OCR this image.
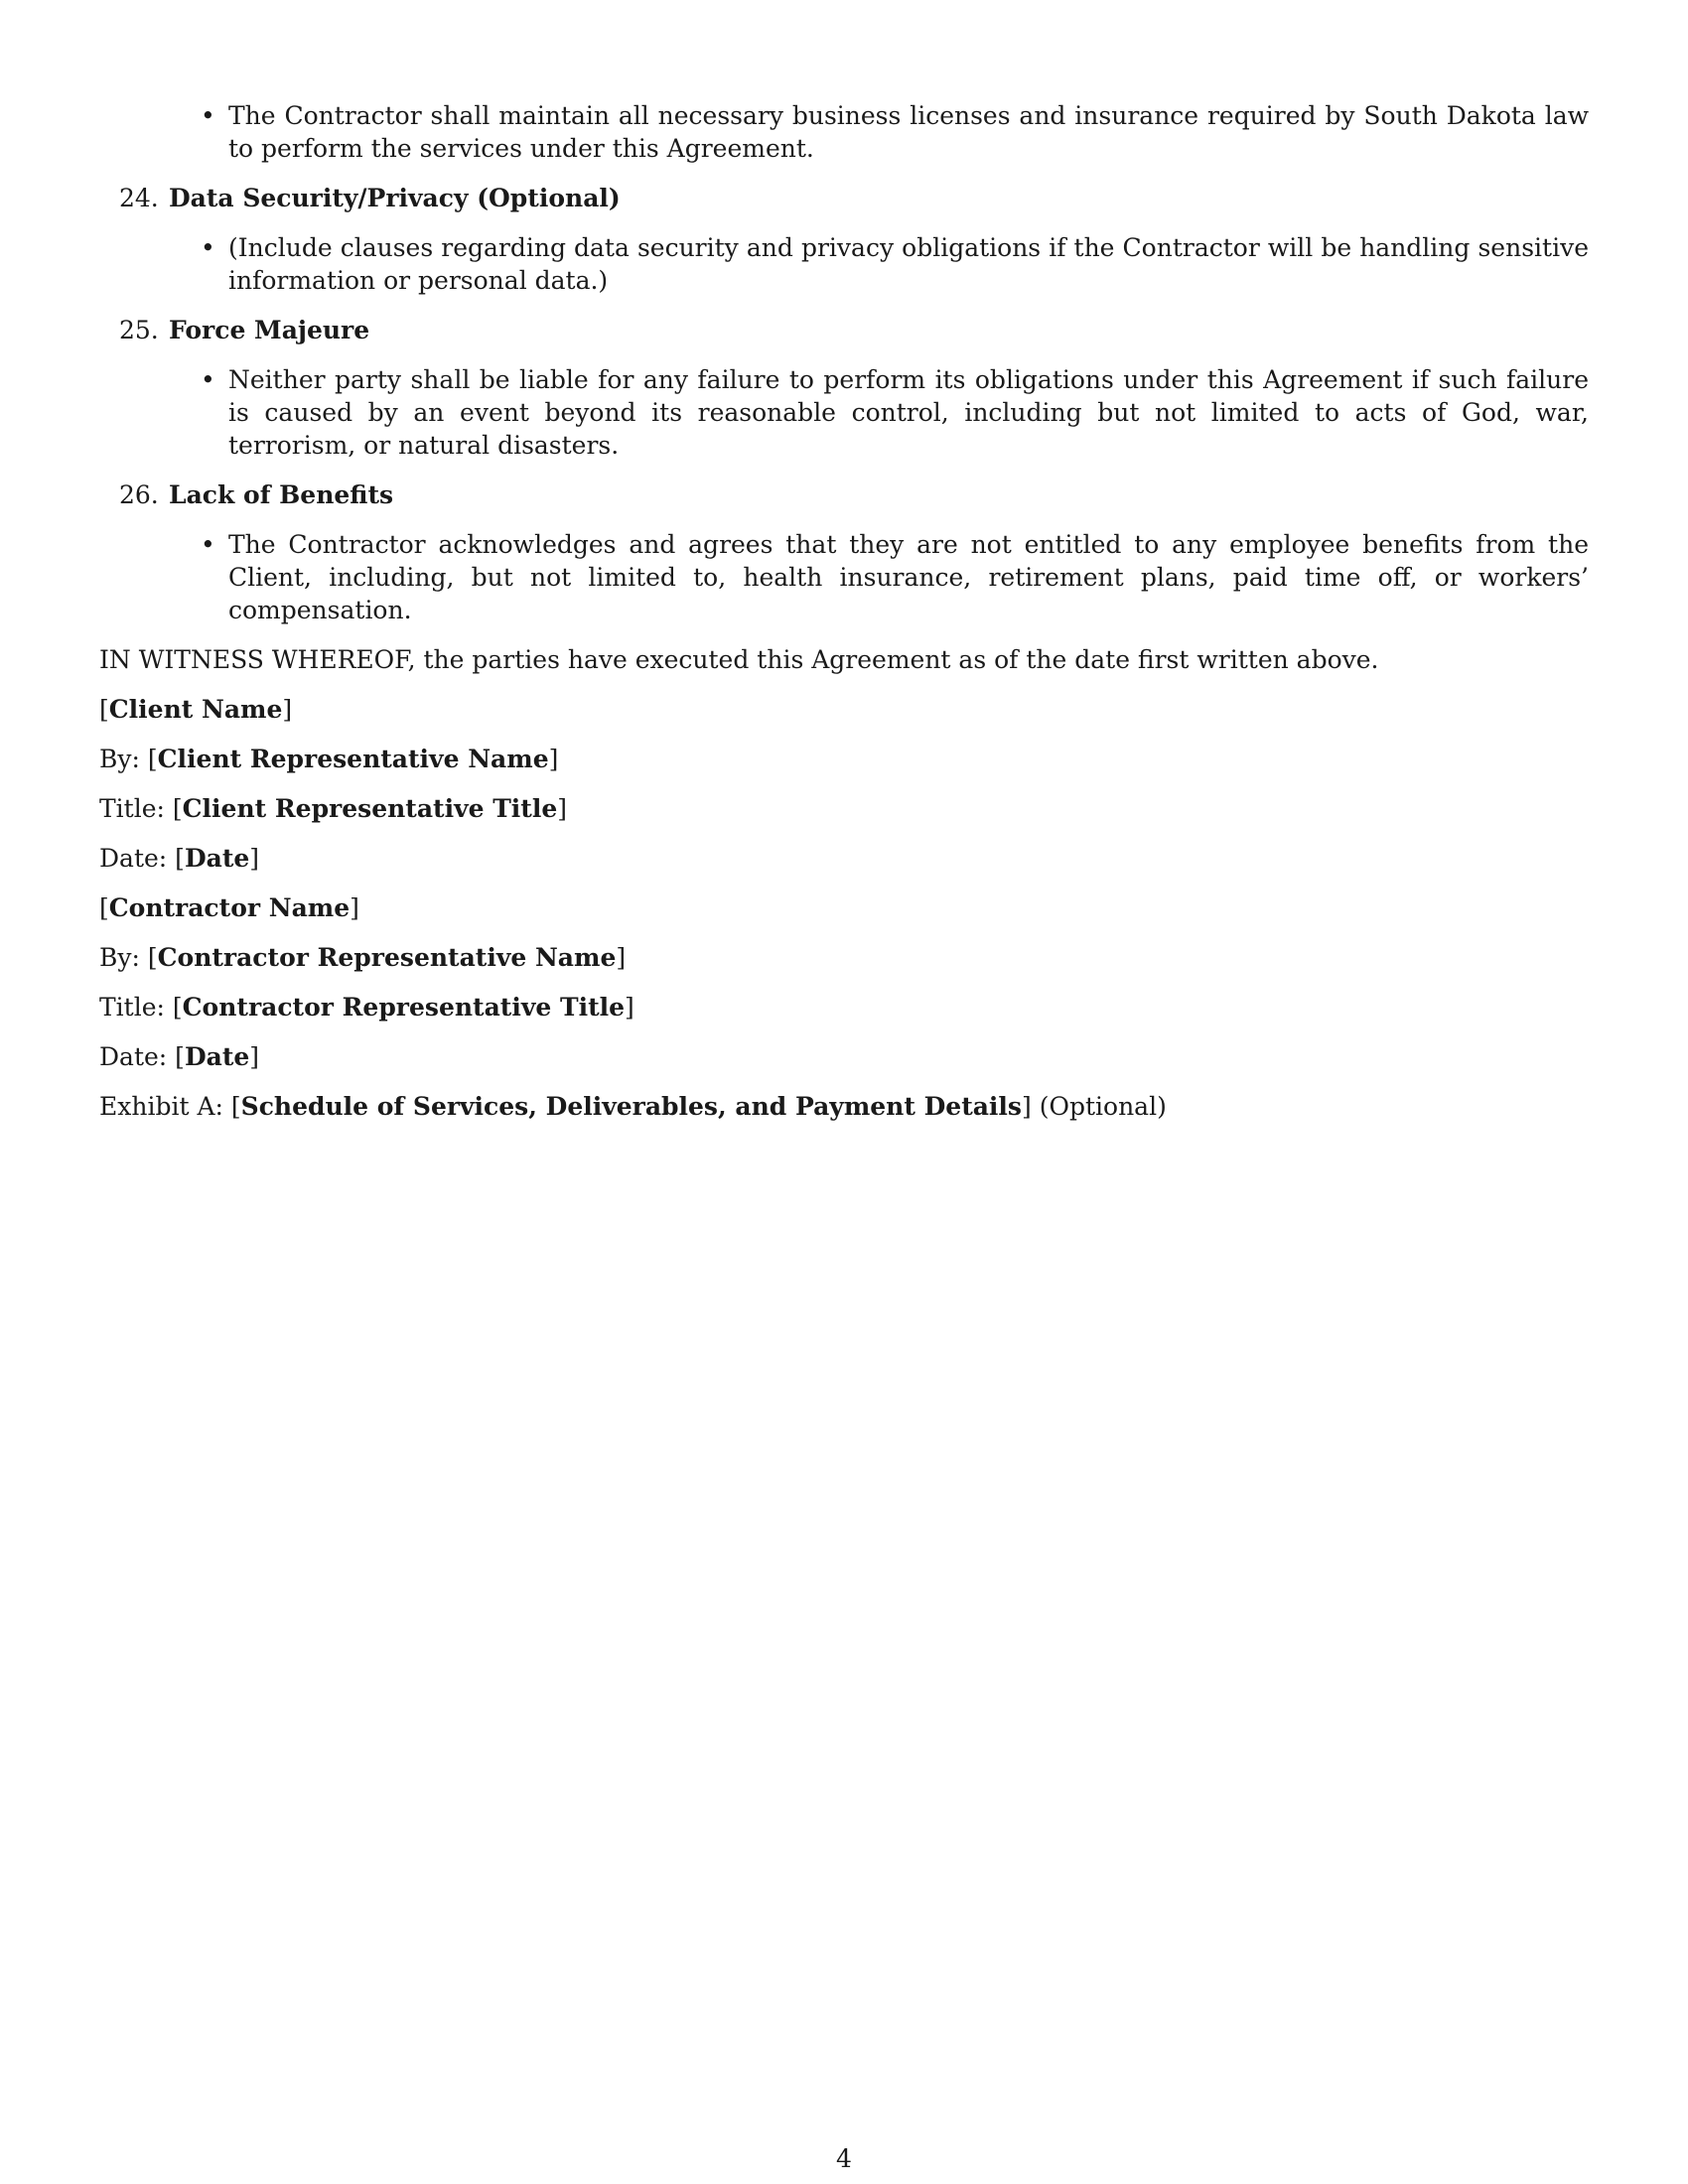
• The Contractor shall maintain all necessary business licenses and insurance required by South Dakota law to perform the services under this Agreement.
24. Data Security/Privacy (Optional)
• (Include clauses regarding data security and privacy obligations if the Contractor will be handling sensitive information or personal data.)
25. Force Majeure
• Neither party shall be liable for any failure to perform its obligations under this Agreement if such failure is caused by an event beyond its reasonable control, including but not limited to acts of God, war, terrorism, or natural disasters.
26. Lack of Benefits
• The Contractor acknowledges and agrees that they are not entitled to any employee benefits from the Client, including, but not limited to, health insurance, retirement plans, paid time off, or workers’ compensation.

IN WITNESS WHEREOF, the parties have executed this Agreement as of the date first written above.

[Client Name]

By: [Client Representative Name]

Title: [Client Representative Title]

Date: [Date]

[Contractor Name]

By: [Contractor Representative Name]

Title: [Contractor Representative Title]

Date: [Date]

Exhibit A: [Schedule of Services, Deliverables, and Payment Details] (Optional)

4
